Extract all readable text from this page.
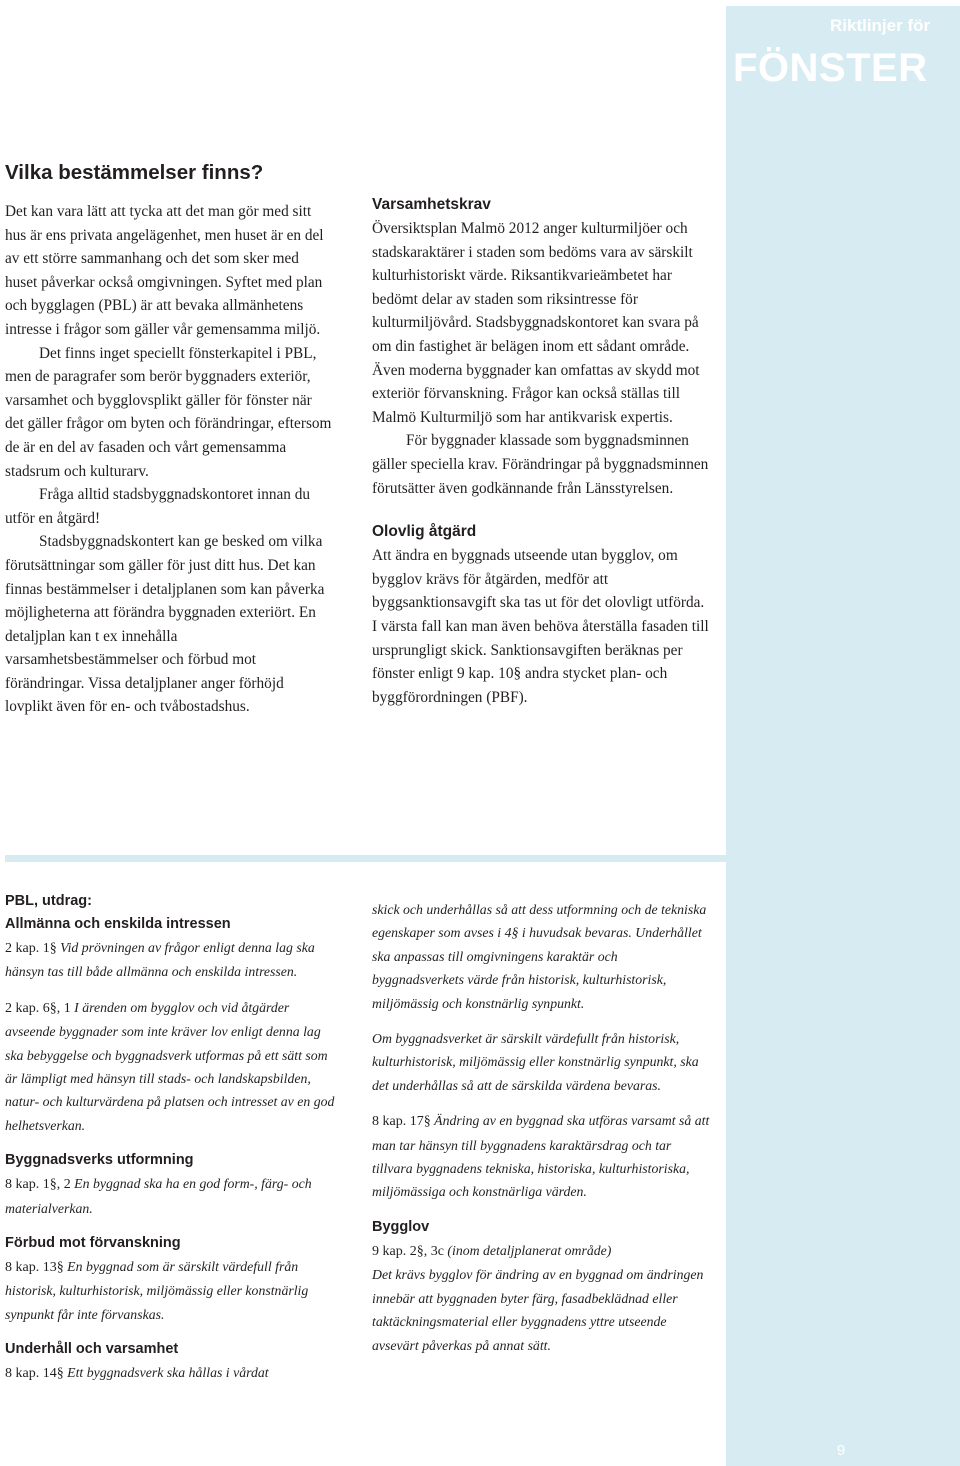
Riktlinjer för
FÖNSTER
Vilka bestämmelser finns?

Det kan vara lätt att tycka att det man gör med sitt hus är ens privata angelägenhet, men huset är en del av ett större sammanhang och det som sker med huset påverkar också omgivningen. Syftet med plan och bygglagen (PBL) är att bevaka allmänhetens intresse i frågor som gäller vår gemensamma miljö.

Det finns inget speciellt fönsterkapitel i PBL, men de paragrafer som berör byggnaders exteriör, varsamhet och bygglovsplikt gäller för fönster när det gäller frågor om byten och förändringar, eftersom de är en del av fasaden och vårt gemensamma stadsrum och kulturarv.

Fråga alltid stadsbyggnadskontoret innan du utför en åtgärd!

Stadsbyggnadskontert kan ge besked om vilka förutsättningar som gäller för just ditt hus. Det kan finnas bestämmelser i detaljplanen som kan påverka möjligheterna att förändra byggnaden exteriört. En detaljplan kan t ex innehålla varsamhetsbestämmelser och förbud mot förändringar. Vissa detaljplaner anger förhöjd lovplikt även för en- och tvåbostadshus.

Varsamhetskrav

Översiktsplan Malmö 2012 anger kulturmiljöer och stadskaraktärer i staden som bedöms vara av särskilt kulturhistoriskt värde. Riksantikvarieämbetet har bedömt delar av staden som riksintresse för kulturmiljövård. Stadsbyggnadskontoret kan svara på om din fastighet är belägen inom ett sådant område. Även moderna byggnader kan omfattas av skydd mot exteriör förvanskning. Frågor kan också ställas till Malmö Kulturmiljö som har antikvarisk expertis.

För byggnader klassade som byggnadsminnen gäller speciella krav. Förändringar på byggnadsminnen förutsätter även godkännande från Länsstyrelsen.

Olovlig åtgärd

Att ändra en byggnads utseende utan bygglov, om bygglov krävs för åtgärden, medför att byggsanktionsavgift ska tas ut för det olovligt utförda. I värsta fall kan man även behöva återställa fasaden till ursprungligt skick. Sanktionsavgiften beräknas per fönster enligt 9 kap. 10§ andra stycket plan- och byggförordningen (PBF).

PBL, utdrag:

Allmänna och enskilda intressen

2 kap. 1§ Vid prövningen av frågor enligt denna lag ska hänsyn tas till både allmänna och enskilda intressen.

2 kap. 6§, 1 I ärenden om bygglov och vid åtgärder avseende byggnader som inte kräver lov enligt denna lag ska bebyggelse och byggnadsverk utformas på ett sätt som är lämpligt med hänsyn till stads- och landskapsbilden, natur- och kulturvärdena på platsen och intresset av en god helhetsverkan.

Byggnadsverks utformning

8 kap. 1§, 2 En byggnad ska ha en god form-, färg- och materialverkan.

Förbud mot förvanskning

8 kap. 13§ En byggnad som är särskilt värdefull från historisk, kulturhistorisk, miljömässig eller konstnärlig synpunkt får inte förvanskas.

Underhåll och varsamhet

8 kap. 14§ Ett byggnadsverk ska hållas i vårdat

skick och underhållas så att dess utformning och de tekniska egenskaper som avses i 4§ i huvudsak bevaras. Underhållet ska anpassas till omgivningens karaktär och byggnadsverkets värde från historisk, kulturhistorisk, miljömässig och konstnärlig synpunkt.

Om byggnadsverket är särskilt värdefullt från historisk, kulturhistorisk, miljömässig eller konstnärlig synpunkt, ska det underhållas så att de särskilda värdena bevaras.

8 kap. 17§ Ändring av en byggnad ska utföras varsamt så att man tar hänsyn till byggnadens karaktärsdrag och tar tillvara byggnadens tekniska, historiska, kulturhistoriska, miljömässiga och konstnärliga värden.

Bygglov

9 kap. 2§, 3c (inom detaljplanerat område)

Det krävs bygglov för ändring av en byggnad om ändringen innebär att byggnaden byter färg, fasadbeklädnad eller taktäckningsmaterial eller byggnadens yttre utseende avsevärt påverkas på annat sätt.

9
